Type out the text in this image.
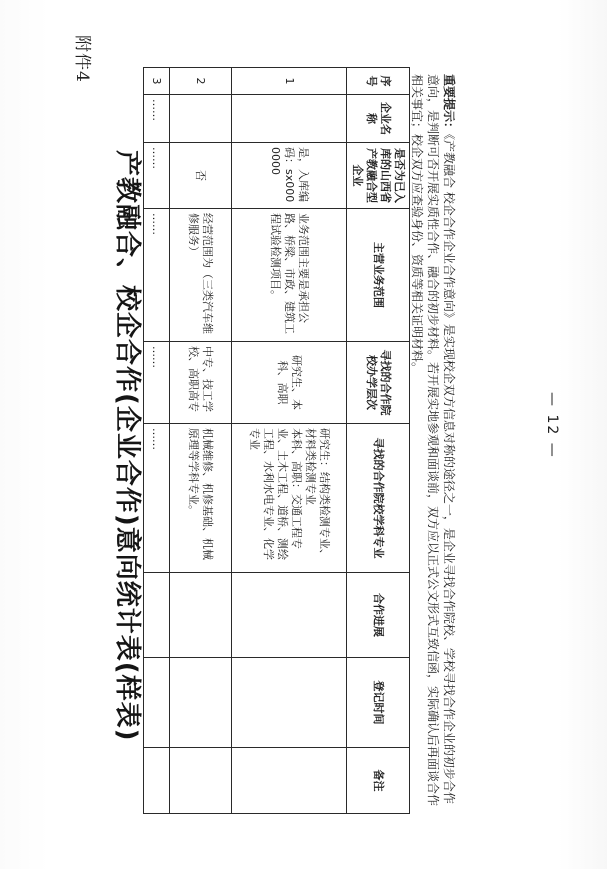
附件4
产教融合、校企合作(企业合作)意向统计表(样表)
序号	企业名称	是否为已入库的山西省产教融合型企业	主营业务范围	寻找的合作院校办学层次	寻找的合作院校学科专业	合作进展	登记时间	备注
1		是，入库编码：sx0000000	业务范围主要是承担公路、桥梁、市政、建筑工程试验检测项目。	研究生、本科、高职	研究生：结构类检测专业、材料类检测专业
本科、高职：交通工程专业、土木工程、道桥、测绘工程、水利水电专业、化学专业			
2		否	经营范围为（三类汽车维修服务）	中专、技工学校、高职高专	机械维修、机修基础、机械原理等学科专业。			
3	……	……	……	……	……			
重要提示：《产教融合 校企合作企业合作意向》是实现校企双方信息对称的途径之一，是企业寻找合作院校、学校寻找合作企业的初步合作意向，是判断可否开展实质性合作、融合的初步材料。若开展实地参观和面谈前，双方应以正式公文形式互致信函，实际确认后再面谈合作相关事宜；校企双方应查验身份、资质等相关证明材料。
— 12 —
